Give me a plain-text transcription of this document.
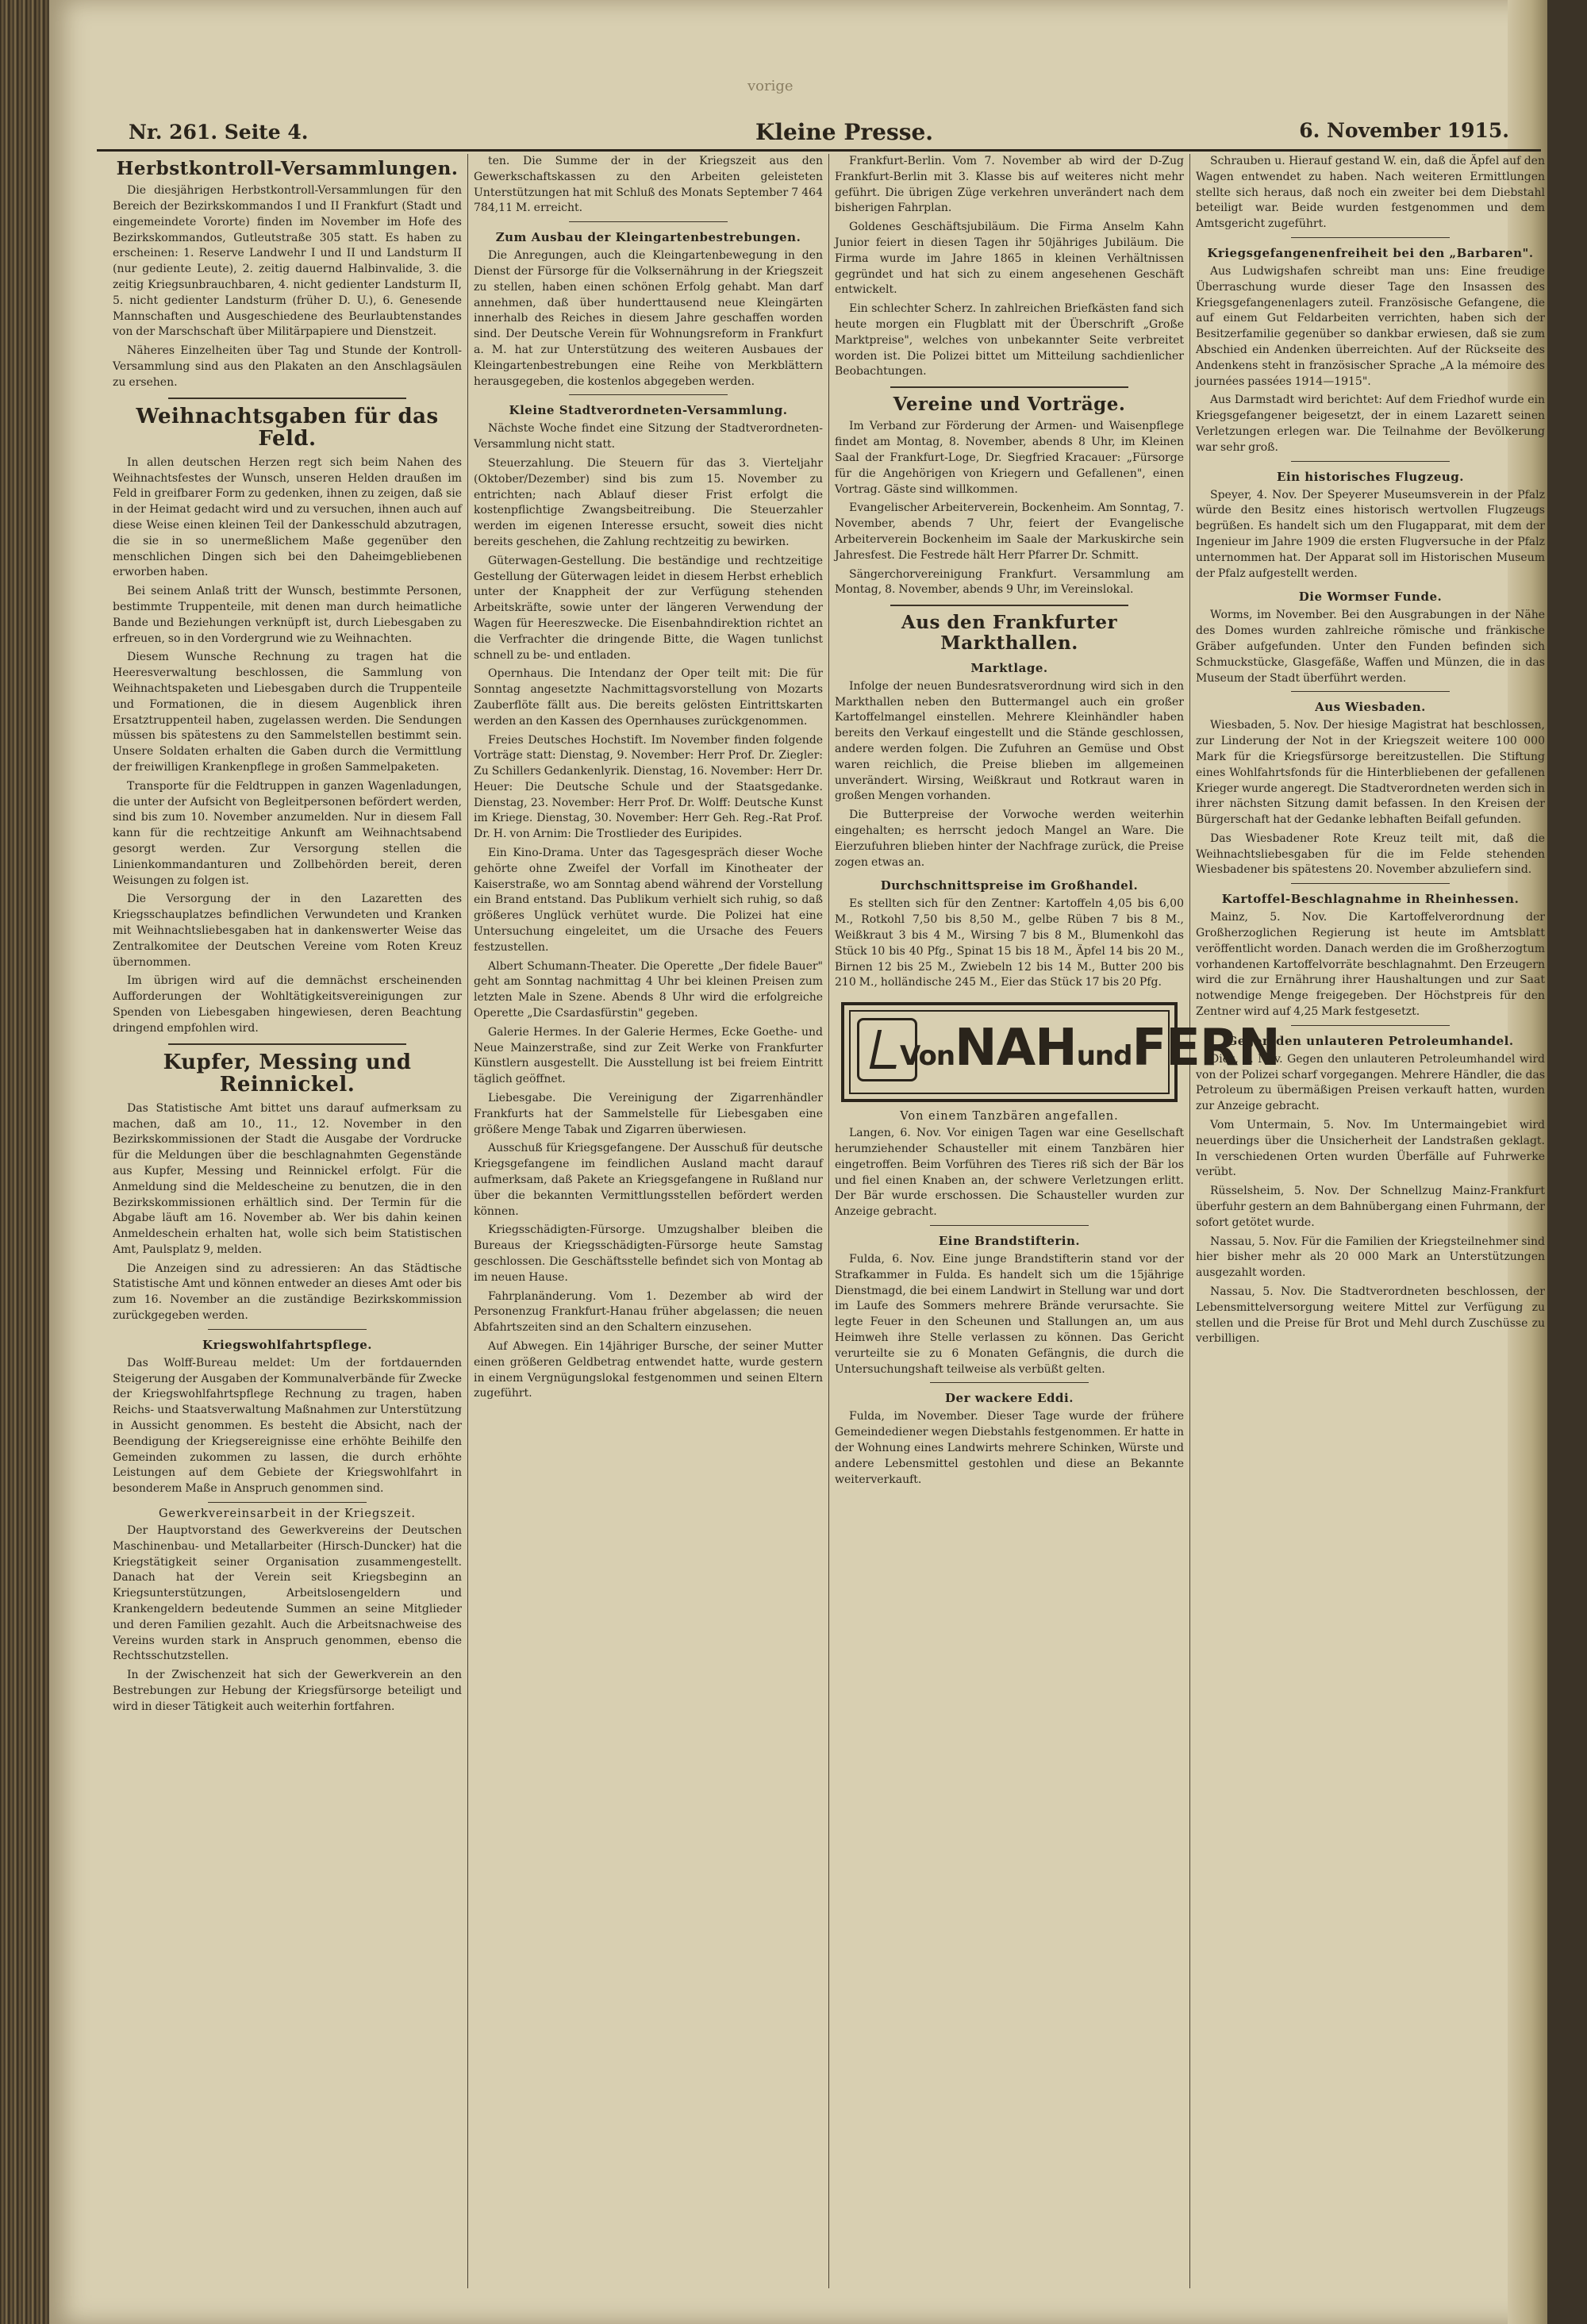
vorige
Nr. 261. Seite 4.	Kleine Presse.	6. November 1915.
Herbstkontroll-Versammlungen.

Die diesjährigen Herbstkontroll-Versammlungen für den Bereich der Bezirkskommandos I und II Frankfurt (Stadt und eingemeindete Vororte) finden im November im Hofe des Bezirkskommandos, Gutleutstraße 305 statt. Es haben zu erscheinen: 1. Reserve Landwehr I und II und Landsturm II (nur gediente Leute), 2. zeitig dauernd Halbinvalide, 3. die zeitig Kriegsunbrauchbaren, 4. nicht gedienter Landsturm II, 5. nicht gedienter Landsturm (früher D. U.), 6. Genesende Mannschaften und Ausgeschiedene des Beurlaubtenstandes von der Marschschaft über Militärpapiere und Dienstzeit.

Näheres Einzelheiten über Tag und Stunde der Kontroll-Versammlung sind aus den Plakaten an den Anschlagsäulen zu ersehen.

Weihnachtsgaben für das Feld.

In allen deutschen Herzen regt sich beim Nahen des Weihnachtsfestes der Wunsch, unseren Helden draußen im Feld in greifbarer Form zu gedenken, ihnen zu zeigen, daß sie in der Heimat gedacht wird und zu versuchen, ihnen auch auf diese Weise einen kleinen Teil der Dankesschuld abzutragen, die sie in so unermeßlichem Maße gegenüber den menschlichen Dingen sich bei den Daheimgebliebenen erworben haben.

Bei seinem Anlaß tritt der Wunsch, bestimmte Personen, bestimmte Truppenteile, mit denen man durch heimatliche Bande und Beziehungen verknüpft ist, durch Liebesgaben zu erfreuen, so in den Vordergrund wie zu Weihnachten.

Diesem Wunsche Rechnung zu tragen hat die Heeresverwaltung beschlossen, die Sammlung von Weihnachtspaketen und Liebesgaben durch die Truppenteile und Formationen, die in diesem Augenblick ihren Ersatztruppenteil haben, zugelassen werden. Die Sendungen müssen bis spätestens zu den Sammelstellen bestimmt sein. Unsere Soldaten erhalten die Gaben durch die Vermittlung der freiwilligen Krankenpflege in großen Sammelpaketen.

Transporte für die Feldtruppen in ganzen Wagenladungen, die unter der Aufsicht von Begleitpersonen befördert werden, sind bis zum 10. November anzumelden. Nur in diesem Fall kann für die rechtzeitige Ankunft am Weihnachtsabend gesorgt werden. Zur Versorgung stellen die Linienkommandanturen und Zollbehörden bereit, deren Weisungen zu folgen ist.

Die Versorgung der in den Lazaretten des Kriegsschauplatzes befindlichen Verwundeten und Kranken mit Weihnachtsliebesgaben hat in dankenswerter Weise das Zentralkomitee der Deutschen Vereine vom Roten Kreuz übernommen.

Im übrigen wird auf die demnächst erscheinenden Aufforderungen der Wohltätigkeitsvereinigungen zur Spenden von Liebesgaben hingewiesen, deren Beachtung dringend empfohlen wird.

Kupfer, Messing und Reinnickel.

Das Statistische Amt bittet uns darauf aufmerksam zu machen, daß am 10., 11., 12. November in den Bezirkskommissionen der Stadt die Ausgabe der Vordrucke für die Meldungen über die beschlagnahmten Gegenstände aus Kupfer, Messing und Reinnickel erfolgt. Für die Anmeldung sind die Meldescheine zu benutzen, die in den Bezirkskommissionen erhältlich sind. Der Termin für die Abgabe läuft am 16. November ab. Wer bis dahin keinen Anmeldeschein erhalten hat, wolle sich beim Statistischen Amt, Paulsplatz 9, melden.

Die Anzeigen sind zu adressieren: An das Städtische Statistische Amt und können entweder an dieses Amt oder bis zum 16. November an die zuständige Bezirkskommission zurückgegeben werden.

Kriegswohlfahrtspflege.

Das Wolff-Bureau meldet: Um der fortdauernden Steigerung der Ausgaben der Kommunalverbände für Zwecke der Kriegswohlfahrtspflege Rechnung zu tragen, haben Reichs- und Staatsverwaltung Maßnahmen zur Unterstützung in Aussicht genommen. Es besteht die Absicht, nach der Beendigung der Kriegsereignisse eine erhöhte Beihilfe den Gemeinden zukommen zu lassen, die durch erhöhte Leistungen auf dem Gebiete der Kriegswohlfahrt in besonderem Maße in Anspruch genommen sind.

Gewerkvereinsarbeit in der Kriegszeit.

Der Hauptvorstand des Gewerkvereins der Deutschen Maschinenbau- und Metallarbeiter (Hirsch-Duncker) hat die Kriegstätigkeit seiner Organisation zusammengestellt. Danach hat der Verein seit Kriegsbeginn an Kriegsunterstützungen, Arbeitslosengeldern und Krankengeldern bedeutende Summen an seine Mitglieder und deren Familien gezahlt. Auch die Arbeitsnachweise des Vereins wurden stark in Anspruch genommen, ebenso die Rechtsschutzstellen.

In der Zwischenzeit hat sich der Gewerkverein an den Bestrebungen zur Hebung der Kriegsfürsorge beteiligt und wird in dieser Tätigkeit auch weiterhin fortfahren.

ten. Die Summe der in der Kriegszeit aus den Gewerkschaftskassen zu den Arbeiten geleisteten Unterstützungen hat mit Schluß des Monats September 7 464 784,11 M. erreicht.

Zum Ausbau der Kleingartenbestrebungen.

Die Anregungen, auch die Kleingartenbewegung in den Dienst der Fürsorge für die Volksernährung in der Kriegszeit zu stellen, haben einen schönen Erfolg gehabt. Man darf annehmen, daß über hunderttausend neue Kleingärten innerhalb des Reiches in diesem Jahre geschaffen worden sind. Der Deutsche Verein für Wohnungsreform in Frankfurt a. M. hat zur Unterstützung des weiteren Ausbaues der Kleingartenbestrebungen eine Reihe von Merkblättern herausgegeben, die kostenlos abgegeben werden.

Kleine Stadtverordneten-Versammlung.

Nächste Woche findet eine Sitzung der Stadtverordneten-Versammlung nicht statt.

Steuerzahlung. Die Steuern für das 3. Vierteljahr (Oktober/Dezember) sind bis zum 15. November zu entrichten; nach Ablauf dieser Frist erfolgt die kostenpflichtige Zwangsbeitreibung. Die Steuerzahler werden im eigenen Interesse ersucht, soweit dies nicht bereits geschehen, die Zahlung rechtzeitig zu bewirken.

Güterwagen-Gestellung. Die beständige und rechtzeitige Gestellung der Güterwagen leidet in diesem Herbst erheblich unter der Knappheit der zur Verfügung stehenden Arbeitskräfte, sowie unter der längeren Verwendung der Wagen für Heereszwecke. Die Eisenbahndirektion richtet an die Verfrachter die dringende Bitte, die Wagen tunlichst schnell zu be- und entladen.

Opernhaus. Die Intendanz der Oper teilt mit: Die für Sonntag angesetzte Nachmittagsvorstellung von Mozarts Zauberflöte fällt aus. Die bereits gelösten Eintrittskarten werden an den Kassen des Opernhauses zurückgenommen.

Freies Deutsches Hochstift. Im November finden folgende Vorträge statt: Dienstag, 9. November: Herr Prof. Dr. Ziegler: Zu Schillers Gedankenlyrik. Dienstag, 16. November: Herr Dr. Heuer: Die Deutsche Schule und der Staatsgedanke. Dienstag, 23. November: Herr Prof. Dr. Wolff: Deutsche Kunst im Kriege. Dienstag, 30. November: Herr Geh. Reg.-Rat Prof. Dr. H. von Arnim: Die Trostlieder des Euripides.

Ein Kino-Drama. Unter das Tagesgespräch dieser Woche gehörte ohne Zweifel der Vorfall im Kinotheater der Kaiserstraße, wo am Sonntag abend während der Vorstellung ein Brand entstand. Das Publikum verhielt sich ruhig, so daß größeres Unglück verhütet wurde. Die Polizei hat eine Untersuchung eingeleitet, um die Ursache des Feuers festzustellen.

Albert Schumann-Theater. Die Operette „Der fidele Bauer" geht am Sonntag nachmittag 4 Uhr bei kleinen Preisen zum letzten Male in Szene. Abends 8 Uhr wird die erfolgreiche Operette „Die Csardasfürstin" gegeben.

Galerie Hermes. In der Galerie Hermes, Ecke Goethe- und Neue Mainzerstraße, sind zur Zeit Werke von Frankfurter Künstlern ausgestellt. Die Ausstellung ist bei freiem Eintritt täglich geöffnet.

Liebesgabe. Die Vereinigung der Zigarrenhändler Frankfurts hat der Sammelstelle für Liebesgaben eine größere Menge Tabak und Zigarren überwiesen.

Ausschuß für Kriegsgefangene. Der Ausschuß für deutsche Kriegsgefangene im feindlichen Ausland macht darauf aufmerksam, daß Pakete an Kriegsgefangene in Rußland nur über die bekannten Vermittlungsstellen befördert werden können.

Kriegsschädigten-Fürsorge. Umzugshalber bleiben die Bureaus der Kriegsschädigten-Fürsorge heute Samstag geschlossen. Die Geschäftsstelle befindet sich von Montag ab im neuen Hause.

Fahrplanänderung. Vom 1. Dezember ab wird der Personenzug Frankfurt-Hanau früher abgelassen; die neuen Abfahrtszeiten sind an den Schaltern einzusehen.

Auf Abwegen. Ein 14jähriger Bursche, der seiner Mutter einen größeren Geldbetrag entwendet hatte, wurde gestern in einem Vergnügungslokal festgenommen und seinen Eltern zugeführt.

Frankfurt-Berlin. Vom 7. November ab wird der D-Zug Frankfurt-Berlin mit 3. Klasse bis auf weiteres nicht mehr geführt. Die übrigen Züge verkehren unverändert nach dem bisherigen Fahrplan.

Goldenes Geschäftsjubiläum. Die Firma Anselm Kahn Junior feiert in diesen Tagen ihr 50jähriges Jubiläum. Die Firma wurde im Jahre 1865 in kleinen Verhältnissen gegründet und hat sich zu einem angesehenen Geschäft entwickelt.

Ein schlechter Scherz. In zahlreichen Briefkästen fand sich heute morgen ein Flugblatt mit der Überschrift „Große Marktpreise", welches von unbekannter Seite verbreitet worden ist. Die Polizei bittet um Mitteilung sachdienlicher Beobachtungen.

Vereine und Vorträge.

Im Verband zur Förderung der Armen- und Waisenpflege findet am Montag, 8. November, abends 8 Uhr, im Kleinen Saal der Frankfurt-Loge, Dr. Siegfried Kracauer: „Fürsorge für die Angehörigen von Kriegern und Gefallenen", einen Vortrag. Gäste sind willkommen.

Evangelischer Arbeiterverein, Bockenheim. Am Sonntag, 7. November, abends 7 Uhr, feiert der Evangelische Arbeiterverein Bockenheim im Saale der Markuskirche sein Jahresfest. Die Festrede hält Herr Pfarrer Dr. Schmitt.

Sängerchorvereinigung Frankfurt. Versammlung am Montag, 8. November, abends 9 Uhr, im Vereinslokal.

Aus den Frankfurter Markthallen.
Marktlage.

Infolge der neuen Bundesratsverordnung wird sich in den Markthallen neben den Buttermangel auch ein großer Kartoffelmangel einstellen. Mehrere Kleinhändler haben bereits den Verkauf eingestellt und die Stände geschlossen, andere werden folgen. Die Zufuhren an Gemüse und Obst waren reichlich, die Preise blieben im allgemeinen unverändert. Wirsing, Weißkraut und Rotkraut waren in großen Mengen vorhanden.

Die Butterpreise der Vorwoche werden weiterhin eingehalten; es herrscht jedoch Mangel an Ware. Die Eierzufuhren blieben hinter der Nachfrage zurück, die Preise zogen etwas an.

Durchschnittspreise im Großhandel.

Es stellten sich für den Zentner: Kartoffeln 4,05 bis 6,00 M., Rotkohl 7,50 bis 8,50 M., gelbe Rüben 7 bis 8 M., Weißkraut 3 bis 4 M., Wirsing 7 bis 8 M., Blumenkohl das Stück 10 bis 40 Pfg., Spinat 15 bis 18 M., Äpfel 14 bis 20 M., Birnen 12 bis 25 M., Zwiebeln 12 bis 14 M., Butter 200 bis 210 M., holländische 245 M., Eier das Stück 17 bis 20 Pfg.

VonNAHundFERN
Von einem Tanzbären angefallen.

Langen, 6. Nov. Vor einigen Tagen war eine Gesellschaft herumziehender Schausteller mit einem Tanzbären hier eingetroffen. Beim Vorführen des Tieres riß sich der Bär los und fiel einen Knaben an, der schwere Verletzungen erlitt. Der Bär wurde erschossen. Die Schausteller wurden zur Anzeige gebracht.

Eine Brandstifterin.

Fulda, 6. Nov. Eine junge Brandstifterin stand vor der Strafkammer in Fulda. Es handelt sich um die 15jährige Dienstmagd, die bei einem Landwirt in Stellung war und dort im Laufe des Sommers mehrere Brände verursachte. Sie legte Feuer in den Scheunen und Stallungen an, um aus Heimweh ihre Stelle verlassen zu können. Das Gericht verurteilte sie zu 6 Monaten Gefängnis, die durch die Untersuchungshaft teilweise als verbüßt gelten.

Der wackere Eddi.

Fulda, im November. Dieser Tage wurde der frühere Gemeindediener wegen Diebstahls festgenommen. Er hatte in der Wohnung eines Landwirts mehrere Schinken, Würste und andere Lebensmittel gestohlen und diese an Bekannte weiterverkauft.

Schrauben u. Hierauf gestand W. ein, daß die Äpfel auf den Wagen entwendet zu haben. Nach weiteren Ermittlungen stellte sich heraus, daß noch ein zweiter bei dem Diebstahl beteiligt war. Beide wurden festgenommen und dem Amtsgericht zugeführt.

Kriegsgefangenenfreiheit bei den „Barbaren".

Aus Ludwigshafen schreibt man uns: Eine freudige Überraschung wurde dieser Tage den Insassen des Kriegsgefangenenlagers zuteil. Französische Gefangene, die auf einem Gut Feldarbeiten verrichten, haben sich der Besitzerfamilie gegenüber so dankbar erwiesen, daß sie zum Abschied ein Andenken überreichten. Auf der Rückseite des Andenkens steht in französischer Sprache „A la mémoire des journées passées 1914—1915".

Aus Darmstadt wird berichtet: Auf dem Friedhof wurde ein Kriegsgefangener beigesetzt, der in einem Lazarett seinen Verletzungen erlegen war. Die Teilnahme der Bevölkerung war sehr groß.

Ein historisches Flugzeug.

Speyer, 4. Nov. Der Speyerer Museumsverein in der Pfalz würde den Besitz eines historisch wertvollen Flugzeugs begrüßen. Es handelt sich um den Flugapparat, mit dem der Ingenieur im Jahre 1909 die ersten Flugversuche in der Pfalz unternommen hat. Der Apparat soll im Historischen Museum der Pfalz aufgestellt werden.

Die Wormser Funde.

Worms, im November. Bei den Ausgrabungen in der Nähe des Domes wurden zahlreiche römische und fränkische Gräber aufgefunden. Unter den Funden befinden sich Schmuckstücke, Glasgefäße, Waffen und Münzen, die in das Museum der Stadt überführt werden.

Aus Wiesbaden.

Wiesbaden, 5. Nov. Der hiesige Magistrat hat beschlossen, zur Linderung der Not in der Kriegszeit weitere 100 000 Mark für die Kriegsfürsorge bereitzustellen. Die Stiftung eines Wohlfahrtsfonds für die Hinterbliebenen der gefallenen Krieger wurde angeregt. Die Stadtverordneten werden sich in ihrer nächsten Sitzung damit befassen. In den Kreisen der Bürgerschaft hat der Gedanke lebhaften Beifall gefunden.

Das Wiesbadener Rote Kreuz teilt mit, daß die Weihnachtsliebesgaben für die im Felde stehenden Wiesbadener bis spätestens 20. November abzuliefern sind.

Kartoffel-Beschlagnahme in Rheinhessen.

Mainz, 5. Nov. Die Kartoffelverordnung der Großherzoglichen Regierung ist heute im Amtsblatt veröffentlicht worden. Danach werden die im Großherzogtum vorhandenen Kartoffelvorräte beschlagnahmt. Den Erzeugern wird die zur Ernährung ihrer Haushaltungen und zur Saat notwendige Menge freigegeben. Der Höchstpreis für den Zentner wird auf 4,25 Mark festgesetzt.

Gegen den unlauteren Petroleumhandel.

Diez, 5. Nov. Gegen den unlauteren Petroleumhandel wird von der Polizei scharf vorgegangen. Mehrere Händler, die das Petroleum zu übermäßigen Preisen verkauft hatten, wurden zur Anzeige gebracht.

Vom Untermain, 5. Nov. Im Untermaingebiet wird neuerdings über die Unsicherheit der Landstraßen geklagt. In verschiedenen Orten wurden Überfälle auf Fuhrwerke verübt.

Rüsselsheim, 5. Nov. Der Schnellzug Mainz-Frankfurt überfuhr gestern an dem Bahnübergang einen Fuhrmann, der sofort getötet wurde.

Nassau, 5. Nov. Für die Familien der Kriegsteilnehmer sind hier bisher mehr als 20 000 Mark an Unterstützungen ausgezahlt worden.

Nassau, 5. Nov. Die Stadtverordneten beschlossen, der Lebensmittelversorgung weitere Mittel zur Verfügung zu stellen und die Preise für Brot und Mehl durch Zuschüsse zu verbilligen.
